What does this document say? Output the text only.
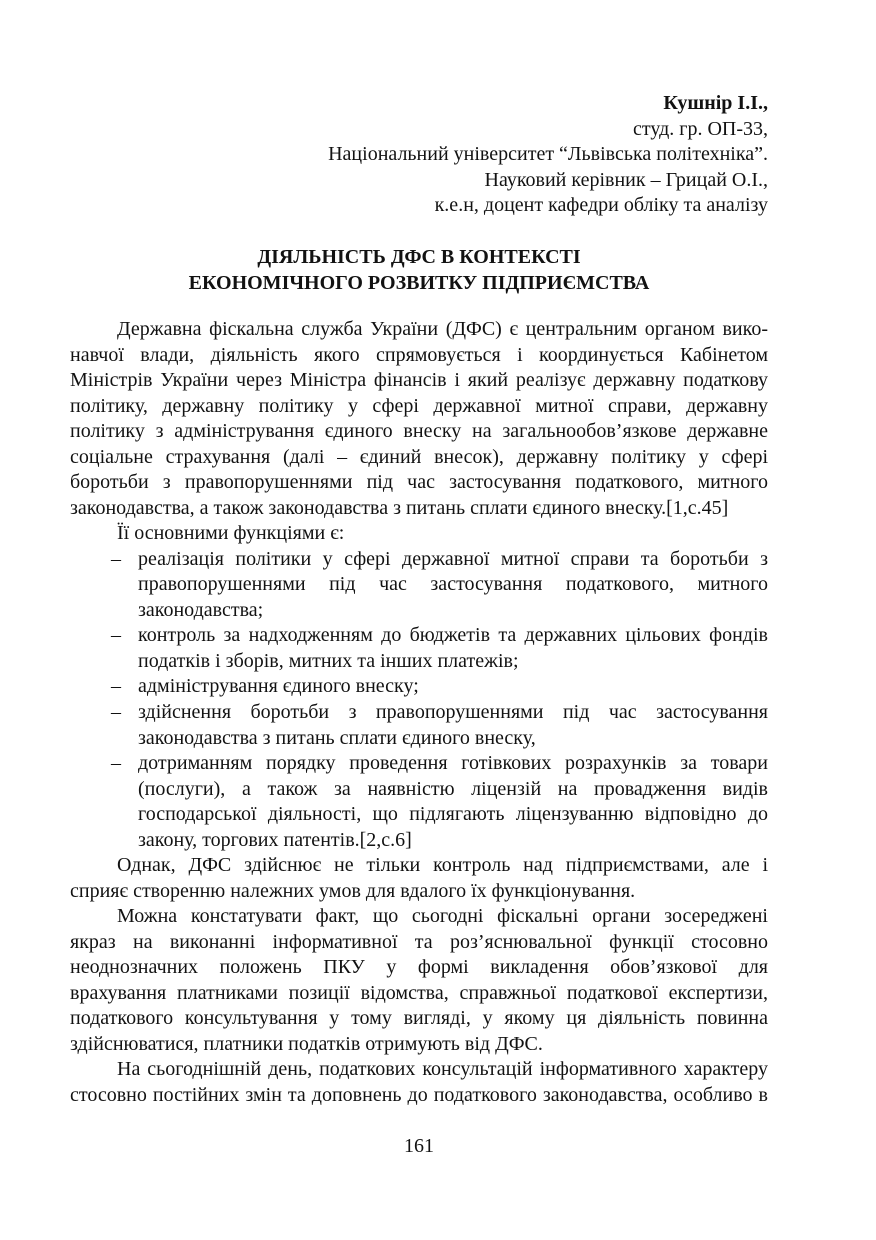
Кушнір І.І.,
студ. гр. ОП-33,
Національний університет “Львівська політехніка”.
Науковий керівник – Грицай О.І.,
к.е.н, доцент кафедри обліку та аналізу
ДІЯЛЬНІСТЬ ДФС В КОНТЕКСТІ
ЕКОНОМІЧНОГО РОЗВИТКУ ПІДПРИЄМСТВА
Державна фіскальна служба України (ДФС) є центральним органом вико-
навчої влади, діяльність якого спрямовується і координується Кабінетом
Міністрів України через Міністра фінансів і який реалізує державну податкову
політику, державну політику у сфері державної митної справи, державну
політику з адміністрування єдиного внеску на загальнообов’язкове державне
соціальне страхування (далі – єдиний внесок), державну політику у сфері
боротьби з правопорушеннями під час застосування податкового, митного
законодавства, а також законодавства з питань сплати єдиного внеску.[1,с.45]
Її основними функціями є:
– реалізація політики у сфері державної митної справи та боротьби з
правопорушеннями під час застосування податкового, митного
законодавства;
– контроль за надходженням до бюджетів та державних цільових фондів
податків і зборів, митних та інших платежів;
– адміністрування єдиного внеску;
– здійснення боротьби з правопорушеннями під час застосування
законодавства з питань сплати єдиного внеску,
– дотриманням порядку проведення готівкових розрахунків за товари
(послуги), а також за наявністю ліцензій на провадження видів
господарської діяльності, що підлягають ліцензуванню відповідно до
закону, торгових патентів.[2,с.6]
Однак, ДФС здійснює не тільки контроль над підприємствами, але і
сприяє створенню належних умов для вдалого їх функціонування.
Можна констатувати факт, що сьогодні фіскальні органи зосереджені
якраз на виконанні інформативної та роз’яснювальної функції стосовно
неоднозначних положень ПКУ у формі викладення обов’язкової для
врахування платниками позиції відомства, справжньої податкової експертизи,
податкового консультування у тому вигляді, у якому ця діяльність повинна
здійснюватися, платники податків отримують від ДФС.
На сьогоднішній день, податкових консультацій інформативного характеру
стосовно постійних змін та доповнень до податкового законодавства, особливо в
161
